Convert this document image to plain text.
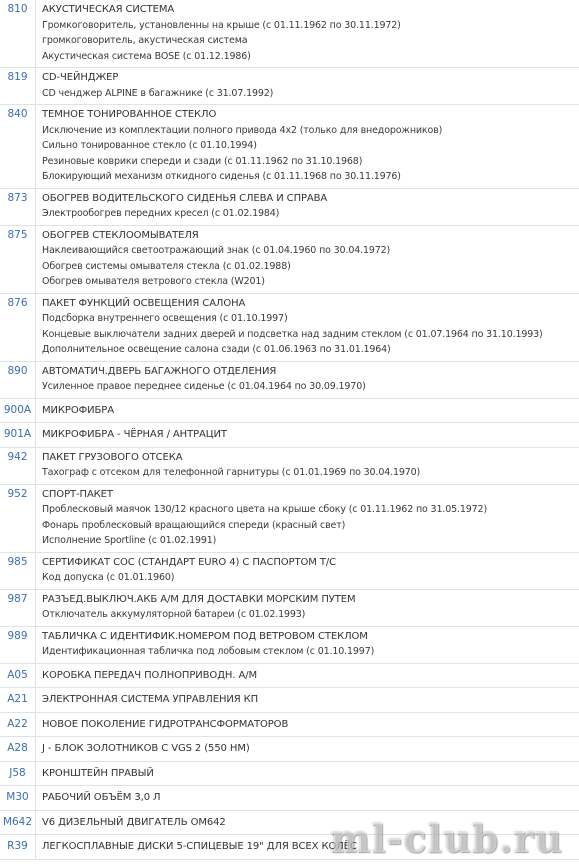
810	АКУСТИЧЕСКАЯ СИСТЕМА
Громкоговоритель, установленны на крыше (с 01.11.1962 по 30.11.1972)
громкоговоритель, акустическая система
Акустическая система BOSE (с 01.12.1986)
819	CD-ЧЕЙНДЖЕР
CD ченджер ALPINE в багажнике (с 31.07.1992)
840	ТЕМНОЕ ТОНИРОВАННОЕ СТЕКЛО
Исключение из комплектации полного привода 4x2 (только для внедорожников)
Сильно тонированное стекло (с 01.10.1994)
Резиновые коврики спереди и сзади (с 01.11.1962 по 31.10.1968)
Блокирующий механизм откидного сиденья (с 01.11.1968 по 30.11.1976)
873	ОБОГРЕВ ВОДИТЕЛЬСКОГО СИДЕНЬЯ СЛЕВА И СПРАВА
Электрообогрев передних кресел (с 01.02.1984)
875	ОБОГРЕВ СТЕКЛООМЫВАТЕЛЯ
Наклеивающийся светоотражающий знак (с 01.04.1960 по 30.04.1972)
Обогрев системы омывателя стекла (с 01.02.1988)
Обогрев омывателя ветрового стекла (W201)
876	ПАКЕТ ФУНКЦИЙ ОСВЕЩЕНИЯ САЛОНА
Подсборка внутреннего освещения (с 01.10.1997)
Концевые выключатели задних дверей и подсветка над задним стеклом (с 01.07.1964 по 31.10.1993)
Дополнительное освещение салона сзади (с 01.06.1963 по 31.01.1964)
890	АВТОМАТИЧ.ДВЕРЬ БАГАЖНОГО ОТДЕЛЕНИЯ
Усиленное правое переднее сиденье (с 01.04.1964 по 30.09.1970)
900A	МИКРОФИБРА
901A	МИКРОФИБРА - ЧЁРНАЯ / АНТРАЦИТ
942	ПАКЕТ ГРУЗОВОГО ОТСЕКА
Тахограф с отсеком для телефонной гарнитуры (с 01.01.1969 по 30.04.1970)
952	СПОРТ-ПАКЕТ
Проблесковый маячок 130/12 красного цвета на крыше сбоку (с 01.11.1962 по 31.05.1972)
Фонарь проблесковый вращающийся спереди (красный свет)
Исполнение Sportline (с 01.02.1991)
985	СЕРТИФИКАТ СОС (СТАНДАРТ EURO 4) С ПАСПОРТОМ Т/С
Код допуска (с 01.01.1960)
987	РАЗЪЕД.ВЫКЛЮЧ.АКБ А/М ДЛЯ ДОСТАВКИ МОРСКИМ ПУТЕМ
Отключатель аккумуляторной батареи (с 01.02.1993)
989	ТАБЛИЧКА С ИДЕНТИФИК.НОМЕРОМ ПОД ВЕТРОВОМ СТЕКЛОМ
Идентификационная табличка под лобовым стеклом (с 01.10.1997)
A05	КОРОБКА ПЕРЕДАЧ ПОЛНОПРИВОДН. А/М
A21	ЭЛЕКТРОННАЯ СИСТЕМА УПРАВЛЕНИЯ КП
A22	НОВОЕ ПОКОЛЕНИЕ ГИДРОТРАНСФОРМАТОРОВ
A28	J - БЛОК ЗОЛОТНИКОВ С VGS 2 (550 НМ)
J58	КРОНШТЕЙН ПРАВЫЙ
M30	РАБОЧИЙ ОБЪЁМ 3,0 Л
M642 V6 ДИЗЕЛЬНЫЙ ДВИГАТЕЛЬ OM642
R39	ЛЕГКОСПЛАВНЫЕ ДИСКИ 5-СПИЦЕВЫЕ 19" ДЛЯ ВСЕХ КОЛЁС
ml-club.ru
